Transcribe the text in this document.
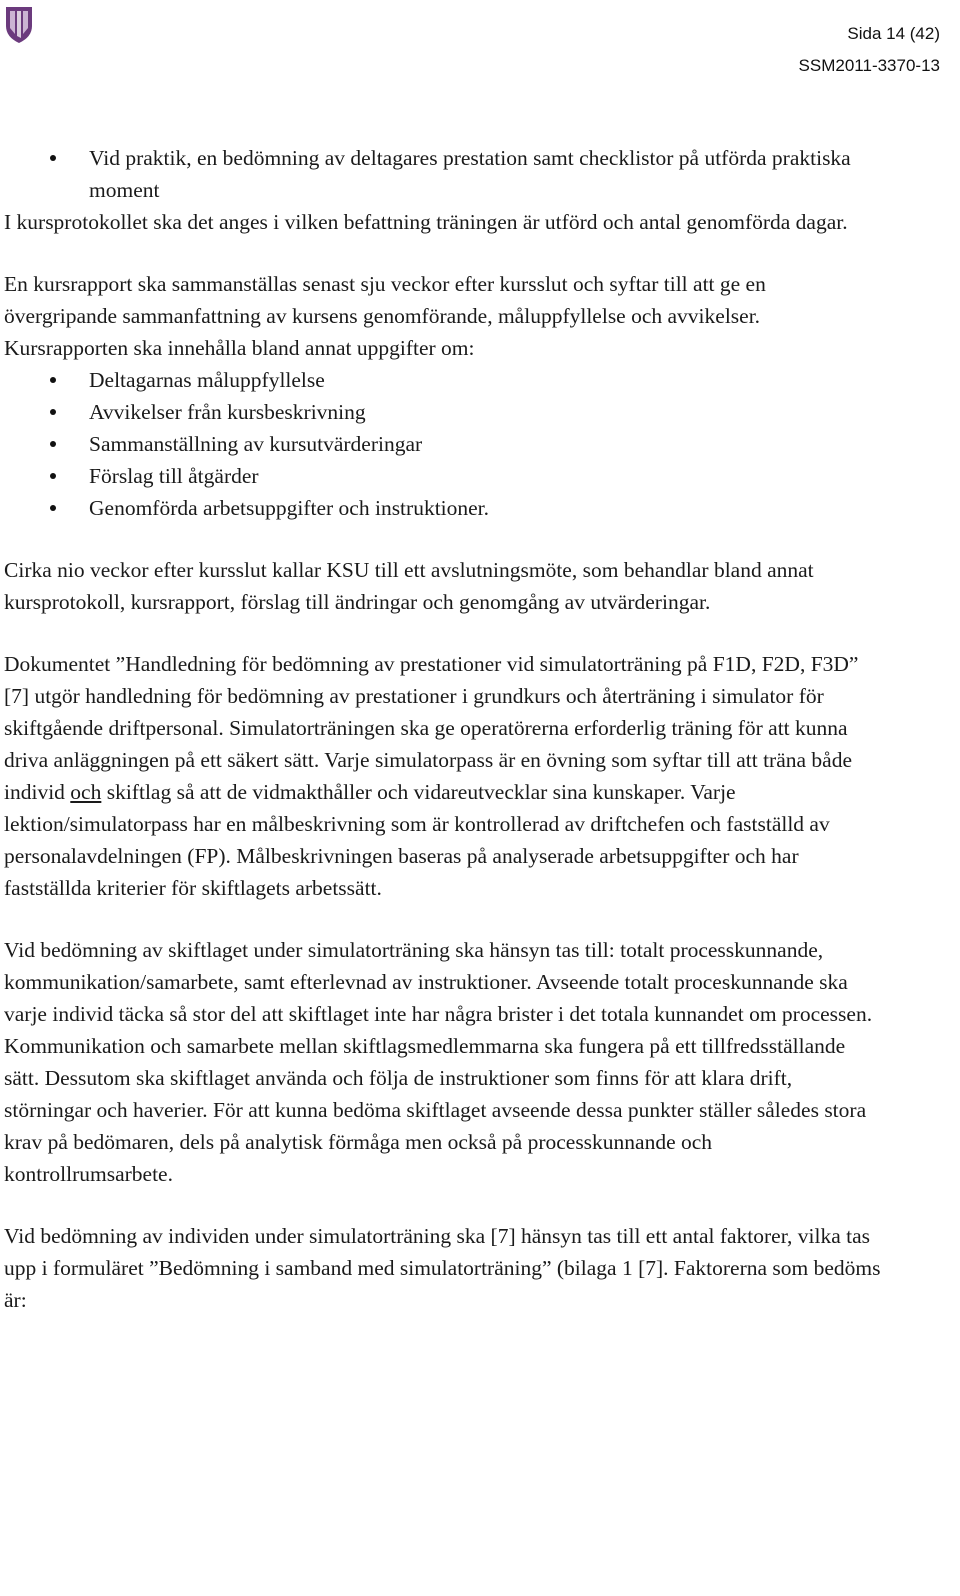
Sida 14 (42)
SSM2011-3370-13
Vid praktik, en bedömning av deltagares prestation samt checklistor på utförda praktiska moment

I kursprotokollet ska det anges i vilken befattning träningen är utförd och antal genomförda dagar.

En kursrapport ska sammanställas senast sju veckor efter kursslut och syftar till att ge en övergripande sammanfattning av kursens genomförande, måluppfyllelse och avvikelser. Kursrapporten ska innehålla bland annat uppgifter om:

Deltagarnas måluppfyllelse
Avvikelser från kursbeskrivning
Sammanställning av kursutvärderingar
Förslag till åtgärder
Genomförda arbetsuppgifter och instruktioner.

Cirka nio veckor efter kursslut kallar KSU till ett avslutningsmöte, som behandlar bland annat kursprotokoll, kursrapport, förslag till ändringar och genomgång av utvärderingar.

Dokumentet ”Handledning för bedömning av prestationer vid simulatorträning på F1D, F2D, F3D” [7] utgör handledning för bedömning av prestationer i grundkurs och återträning i simulator för skiftgående driftpersonal. Simulatorträningen ska ge operatörerna erforderlig träning för att kunna driva anläggningen på ett säkert sätt. Varje simulatorpass är en övning som syftar till att träna både individ och skiftlag så att de vidmakthåller och vidareutvecklar sina kunskaper. Varje lektion/simulatorpass har en målbeskrivning som är kontrollerad av driftchefen och fastställd av personalavdelningen (FP). Målbeskrivningen baseras på analyserade arbetsuppgifter och har fastställda kriterier för skiftlagets arbetssätt.

Vid bedömning av skiftlaget under simulatorträning ska hänsyn tas till: totalt processkunnande, kommunikation/samarbete, samt efterlevnad av instruktioner. Avseende totalt proceskunnande ska varje individ täcka så stor del att skiftlaget inte har några brister i det totala kunnandet om processen. Kommunikation och samarbete mellan skiftlagsmedlemmarna ska fungera på ett tillfredsställande sätt. Dessutom ska skiftlaget använda och följa de instruktioner som finns för att klara drift, störningar och haverier. För att kunna bedöma skiftlaget avseende dessa punkter ställer således stora krav på bedömaren, dels på analytisk förmåga men också på processkunnande och kontrollrumsarbete.

Vid bedömning av individen under simulatorträning ska [7] hänsyn tas till ett antal faktorer, vilka tas upp i formuläret ”Bedömning i samband med simulatorträning” (bilaga 1 [7]. Faktorerna som bedöms är:
